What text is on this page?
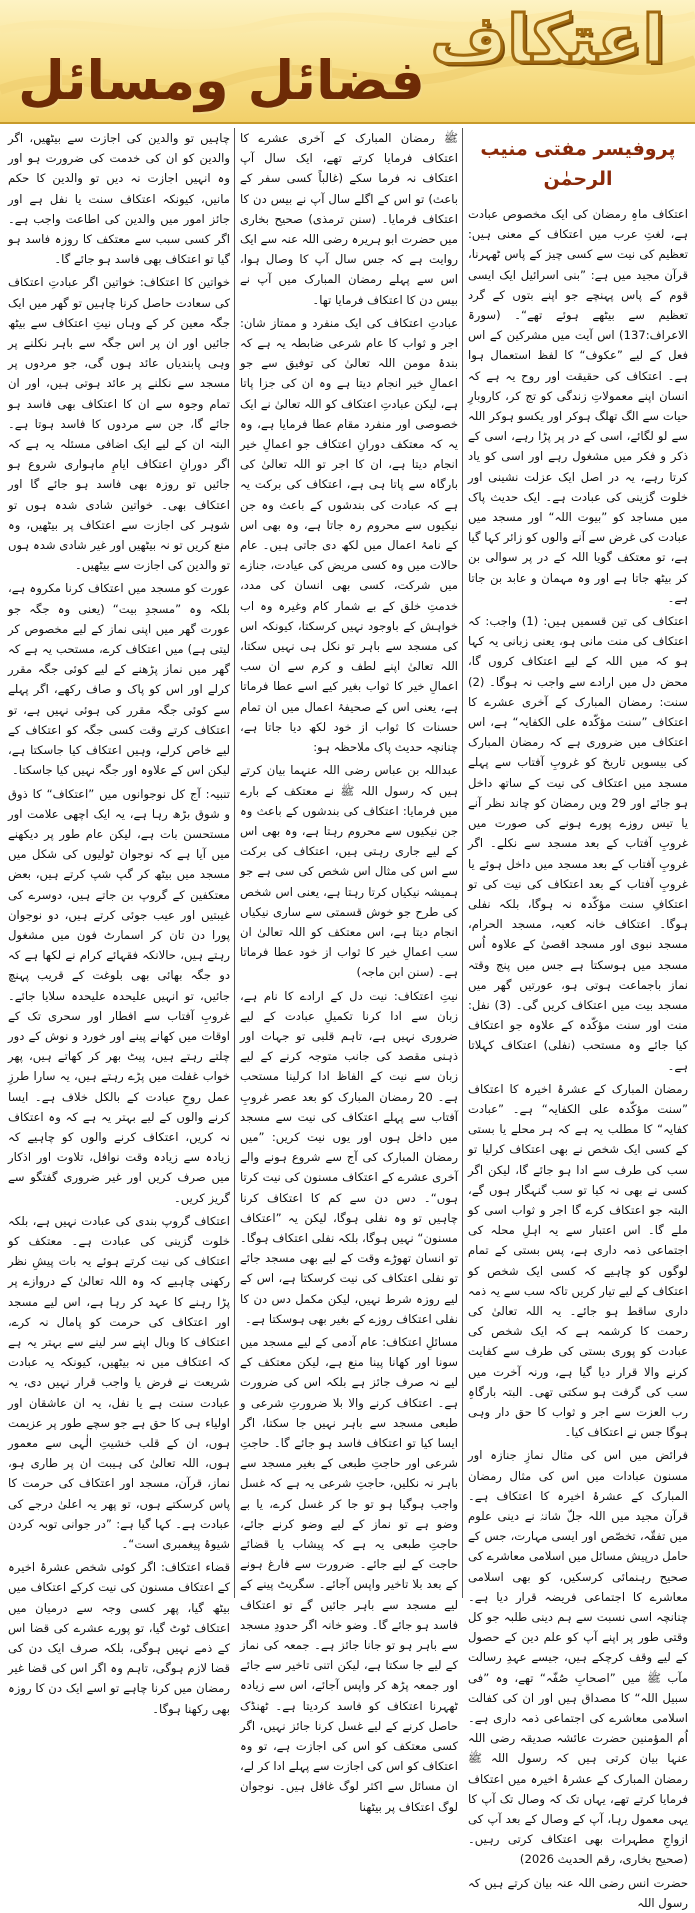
اعتکاف
فضائل ومسائل
پروفیسر مفتی منیب الرحمٰن

اعتکاف ماہِ رمضان کی ایک مخصوص عبادت ہے، لغتِ عرب میں اعتکاف کے معنی ہیں: تعظیم کی نیت سے کسی چیز کے پاس ٹھہرنا، قرآن مجید میں ہے: ”بنی اسرائیل ایک ایسی قوم کے پاس پہنچے جو اپنے بتوں کے گرد تعظیم سے بیٹھے ہوئے تھے“۔ (سورۃ الاعراف:137) اس آیت میں مشرکین کے اس فعل کے لیے ”عکوف“ کا لفظ استعمال ہوا ہے۔ اعتکاف کی حقیقت اور روح یہ ہے کہ انسان اپنے معمولاتِ زندگی کو تج کر، کاروبارِ حیات سے الگ تھلگ ہوکر اور یکسو ہوکر اللہ سے لو لگائے، اسی کے در پر پڑا رہے، اسی کے ذکر و فکر میں مشغول رہے اور اسی کو یاد کرتا رہے، یہ در اصل ایک عزلت نشینی اور خلوت گزینی کی عبادت ہے۔ ایک حدیث پاک میں مساجد کو ”بیوت اللہ“ اور مسجد میں عبادت کی غرض سے آنے والوں کو زائر کہا گیا ہے، تو معتکف گویا اللہ کے در پر سوالی بن کر بیٹھ جاتا ہے اور وہ مہمان و عابد بن جاتا ہے۔

اعتکاف کی تین قسمیں ہیں: (1) واجب: کہ اعتکاف کی منت مانی ہو، یعنی زبانی یہ کہا ہو کہ میں اللہ کے لیے اعتکاف کروں گا، محض دل میں ارادے سے واجب نہ ہوگا۔ (2) سنت: رمضان المبارک کے آخری عشرے کا اعتکاف ”سنت مؤکّدہ علی الکفایہ“ ہے، اس اعتکاف میں ضروری ہے کہ رمضان المبارک کی بیسویں تاریخ کو غروبِ آفتاب سے پہلے مسجد میں اعتکاف کی نیت کے ساتھ داخل ہو جائے اور 29 ویں رمضان کو چاند نظر آنے یا تیس روزے پورے ہونے کی صورت میں غروبِ آفتاب کے بعد مسجد سے نکلے۔ اگر غروبِ آفتاب کے بعد مسجد میں داخل ہوئے یا غروبِ آفتاب کے بعد اعتکاف کی نیت کی تو اعتکافِ سنت مؤکّدہ نہ ہوگا، بلکہ نفلی ہوگا۔ اعتکاف خانہ کعبہ، مسجد الحرام، مسجد نبوی اور مسجد اقصیٰ کے علاوہ اُس مسجد میں ہوسکتا ہے جس میں پنج وقتہ نماز باجماعت ہوتی ہو، عورتیں گھر میں مسجد بیت میں اعتکاف کریں گی۔ (3) نفل: منت اور سنت مؤکّدہ کے علاوہ جو اعتکاف کیا جائے وہ مستحب (نفلی) اعتکاف کہلاتا ہے۔

رمضان المبارک کے عشرۂ اخیرہ کا اعتکاف ”سنت مؤکّدہ علی الکفایہ“ ہے۔ ”عبادت کفایہ“ کا مطلب یہ ہے کہ ہر محلے یا بستی کے کسی ایک شخص نے بھی اعتکاف کرلیا تو سب کی طرف سے ادا ہو جائے گا، لیکن اگر کسی نے بھی نہ کیا تو سب گنہگار ہوں گے، البتہ جو اعتکاف کرے گا اجر و ثواب اسی کو ملے گا۔ اس اعتبار سے یہ اہلِ محلہ کی اجتماعی ذمہ داری ہے، پس بستی کے تمام لوگوں کو چاہیے کہ کسی ایک شخص کو اعتکاف کے لیے تیار کریں تاکہ سب سے یہ ذمہ داری ساقط ہو جائے۔ یہ اللہ تعالیٰ کی رحمت کا کرشمہ ہے کہ ایک شخص کی عبادت کو پوری بستی کی طرف سے کفایت کرنے والا قرار دیا گیا ہے، ورنہ آخرت میں سب کی گرفت ہو سکتی تھی۔ البتہ بارگاہِ رب العزت سے اجر و ثواب کا حق دار وہی ہوگا جس نے اعتکاف کیا۔

فرائض میں اس کی مثال نمازِ جنازہ اور مسنون عبادات میں اس کی مثال رمضان المبارک کے عشرۂ اخیرہ کا اعتکاف ہے۔ قرآن مجید میں اللہ جلّ شانہٗ نے دینی علوم میں تفقّہ، تخصّص اور ایسی مہارت، جس کے حامل درپیش مسائل میں اسلامی معاشرے کی صحیح رہنمائی کرسکیں، کو بھی اسلامی معاشرے کا اجتماعی فریضہ قرار دیا ہے۔ چنانچہ اسی نسبت سے ہم دینی طلبہ جو کل وقتی طور پر اپنے آپ کو علم دین کے حصول کے لیے وقف کرچکے ہیں، جیسے عہدِ رسالت مآب ﷺ میں ”اصحابِ صُفّہ“ تھے، وہ ”فی سبیل اللہ“ کا مصداق ہیں اور ان کی کفالت اسلامی معاشرے کی اجتماعی ذمہ داری ہے۔ اُم المؤمنین حضرت عائشہ صدیقہ رضی اللہ عنہا بیان کرتی ہیں کہ رسول اللہ ﷺ رمضان المبارک کے عشرۂ اخیرہ میں اعتکاف فرمایا کرتے تھے، یہاں تک کہ وصال تک آپ کا یہی معمول رہا، آپ کے وصال کے بعد آپ کی ازواجِ مطہرات بھی اعتکاف کرتی رہیں۔ (صحیح بخاری، رقم الحدیث 2026)

حضرت انس رضی اللہ عنہ بیان کرتے ہیں کہ رسول اللہ

ﷺ رمضان المبارک کے آخری عشرے کا اعتکاف فرمایا کرتے تھے، ایک سال آپ اعتکاف نہ فرما سکے (غالباً کسی سفر کے باعث) تو اس کے اگلے سال آپ نے بیس دن کا اعتکاف فرمایا۔ (سنن ترمذی) صحیح بخاری میں حضرت ابو ہریرہ رضی اللہ عنہ سے ایک روایت ہے کہ جس سال آپ کا وصال ہوا، اس سے پہلے رمضان المبارک میں آپ نے بیس دن کا اعتکاف فرمایا تھا۔

عبادتِ اعتکاف کی ایک منفرد و ممتاز شان: اجر و ثواب کا عام شرعی ضابطہ یہ ہے کہ بندۂ مومن اللہ تعالیٰ کی توفیق سے جو اعمالِ خیر انجام دیتا ہے وہ ان کی جزا پاتا ہے، لیکن عبادتِ اعتکاف کو اللہ تعالیٰ نے ایک خصوصی اور منفرد مقام عطا فرمایا ہے، وہ یہ کہ معتکف دورانِ اعتکاف جو اعمالِ خیر انجام دیتا ہے، ان کا اجر تو اللہ تعالیٰ کی بارگاہ سے پاتا ہی ہے، اعتکاف کی برکت یہ ہے کہ عبادت کی بندشوں کے باعث وہ جن نیکیوں سے محروم رہ جاتا ہے، وہ بھی اس کے نامۂ اعمال میں لکھ دی جاتی ہیں۔ عام حالات میں وہ کسی مریض کی عیادت، جنازے میں شرکت، کسی بھی انسان کی مدد، خدمتِ خلق کے بے شمار کام وغیرہ وہ اب خواہش کے باوجود نہیں کرسکتا، کیونکہ اس کی مسجد سے باہر تو نکل ہی نہیں سکتا، اللہ تعالیٰ اپنے لطف و کرم سے ان سب اعمالِ خیر کا ثواب بغیر کیے اسے عطا فرماتا ہے، یعنی اس کے صحیفۂ اعمال میں ان تمام حسنات کا ثواب از خود لکھ دیا جاتا ہے، چنانچہ حدیث پاک ملاحظہ ہو:

عبداللہ بن عباس رضی اللہ عنہما بیان کرتے ہیں کہ رسول اللہ ﷺ نے معتکف کے بارے میں فرمایا: اعتکاف کی بندشوں کے باعث وہ جن نیکیوں سے محروم رہتا ہے، وہ بھی اس کے لیے جاری رہتی ہیں، اعتکاف کی برکت سے اس کی مثال اس شخص کی سی ہے جو ہمیشہ نیکیاں کرتا رہتا ہے، یعنی اس شخص کی طرح جو خوش قسمتی سے ساری نیکیاں انجام دیتا ہے، اس معتکف کو اللہ تعالیٰ ان سب اعمالِ خیر کا ثواب از خود عطا فرماتا ہے۔ (سنن ابن ماجہ)

نیتِ اعتکاف: نیت دل کے ارادے کا نام ہے، زبان سے ادا کرنا تکمیلِ عبادت کے لیے ضروری نہیں ہے، تاہم قلبی تو جہات اور ذہنی مقصد کی جانب متوجہ کرنے کے لیے زبان سے نیت کے الفاظ ادا کرلینا مستحب ہے۔ 20 رمضان المبارک کو بعد عصر غروبِ آفتاب سے پہلے اعتکاف کی نیت سے مسجد میں داخل ہوں اور یوں نیت کریں: ”میں رمضان المبارک کی آج سے شروع ہونے والے آخری عشرے کے اعتکاف مسنون کی نیت کرتا ہوں“۔ دس دن سے کم کا اعتکاف کرنا چاہیں تو وہ نفلی ہوگا، لیکن یہ ”اعتکاف مسنون“ نہیں ہوگا، بلکہ نفلی اعتکاف ہوگا۔ تو انسان تھوڑے وقت کے لیے بھی مسجد جائے تو نفلی اعتکاف کی نیت کرسکتا ہے، اس کے لیے روزہ شرط نہیں، لیکن مکمل دس دن کا نفلی اعتکاف روزے کے بغیر بھی ہوسکتا ہے۔

مسائلِ اعتکاف: عام آدمی کے لیے مسجد میں سونا اور کھانا پینا منع ہے، لیکن معتکف کے لیے نہ صرف جائز ہے بلکہ اس کی ضرورت ہے۔ اعتکاف کرنے والا بلا ضرورتِ شرعی و طبعی مسجد سے باہر نہیں جا سکتا، اگر ایسا کیا تو اعتکاف فاسد ہو جائے گا۔ حاجتِ شرعی اور حاجتِ طبعی کے بغیر مسجد سے باہر نہ نکلیں، حاجتِ شرعی یہ ہے کہ غسل واجب ہوگیا ہو تو جا کر غسل کرے، یا بے وضو ہے تو نماز کے لیے وضو کرنے جائے، حاجتِ طبعی یہ ہے کہ پیشاب یا قضائے حاجت کے لیے جائے۔ ضرورت سے فارغ ہونے کے بعد بلا تاخیر واپس آجائے۔ سگریٹ پینے کے لیے مسجد سے باہر جائیں گے تو اعتکاف فاسد ہو جائے گا۔ وضو خانہ اگر حدودِ مسجد سے باہر ہو تو جانا جائز ہے۔ جمعہ کی نماز کے لیے جا سکتا ہے، لیکن اتنی تاخیر سے جائے اور جمعہ پڑھ کر واپس آجائے، اس سے زیادہ ٹھہرنا اعتکاف کو فاسد کردیتا ہے۔ ٹھنڈک حاصل کرنے کے لیے غسل کرنا جائز نہیں، اگر کسی معتکف کو اس کی اجازت ہے، تو وہ اعتکاف کو اس کی اجازت سے پہلے ادا کر لے، ان مسائل سے اکثر لوگ غافل ہیں۔ نوجوان لوگ اعتکاف پر بیٹھنا

چاہیں تو والدین کی اجازت سے بیٹھیں، اگر والدین کو ان کی خدمت کی ضرورت ہو اور وہ انہیں اجازت نہ دیں تو والدین کا حکم مانیں، کیونکہ اعتکاف سنت یا نفل ہے اور جائز امور میں والدین کی اطاعت واجب ہے۔ اگر کسی سبب سے معتکف کا روزہ فاسد ہو گیا تو اعتکاف بھی فاسد ہو جائے گا۔

خواتین کا اعتکاف: خواتین اگر عبادتِ اعتکاف کی سعادت حاصل کرنا چاہیں تو گھر میں ایک جگہ معین کر کے وہاں نیتِ اعتکاف سے بیٹھ جائیں اور ان پر اس جگہ سے باہر نکلنے پر وہی پابندیاں عائد ہوں گی، جو مردوں پر مسجد سے نکلنے پر عائد ہوتی ہیں، اور ان تمام وجوہ سے ان کا اعتکاف بھی فاسد ہو جائے گا، جن سے مردوں کا فاسد ہوتا ہے۔ البتہ ان کے لیے ایک اضافی مسئلہ یہ ہے کہ اگر دورانِ اعتکاف ایامِ ماہواری شروع ہو جائیں تو روزہ بھی فاسد ہو جائے گا اور اعتکاف بھی۔ خواتین شادی شدہ ہوں تو شوہر کی اجازت سے اعتکاف پر بیٹھیں، وہ منع کریں تو نہ بیٹھیں اور غیر شادی شدہ ہوں تو والدین کی اجازت سے بیٹھیں۔

عورت کو مسجد میں اعتکاف کرنا مکروہ ہے، بلکہ وہ ”مسجدِ بیت“ (یعنی وہ جگہ جو عورت گھر میں اپنی نماز کے لیے مخصوص کر لیتی ہے) میں اعتکاف کرے، مستحب یہ ہے کہ گھر میں نماز پڑھنے کے لیے کوئی جگہ مقرر کرلے اور اس کو پاک و صاف رکھے، اگر پہلے سے کوئی جگہ مقرر کی ہوئی نہیں ہے، تو اعتکاف کرتے وقت کسی جگہ کو اعتکاف کے لیے خاص کرلے، وہیں اعتکاف کیا جاسکتا ہے، لیکن اس کے علاوہ اور جگہ نہیں کیا جاسکتا۔

تنبیہ: آج کل نوجوانوں میں ”اعتکاف“ کا ذوق و شوق بڑھ رہا ہے، یہ ایک اچھی علامت اور مستحسن بات ہے، لیکن عام طور پر دیکھنے میں آیا ہے کہ نوجوان ٹولیوں کی شکل میں مسجد میں بیٹھ کر گپ شپ کرتے ہیں، بعض معتکفین کے گروپ بن جاتے ہیں، دوسرے کی غیبتیں اور عیب جوئی کرتے ہیں، دو نوجوان پورا دن تان کر اسمارٹ فون میں مشغول رہتے ہیں، حالانکہ فقہائے کرام نے لکھا ہے کہ دو جگہ بھائی بھی بلوغت کے قریب پہنچ جائیں، تو انہیں علیحدہ علیحدہ سلایا جائے۔ غروبِ آفتاب سے افطار اور سحری تک کے اوقات میں کھانے پینے اور خورد و نوش کے دور چلتے رہتے ہیں، پیٹ بھر کر کھاتے ہیں، پھر خواب غفلت میں پڑے رہتے ہیں، یہ سارا طرزِ عمل روحِ عبادت کے بالکل خلاف ہے۔ ایسا کرنے والوں کے لیے بہتر یہ ہے کہ وہ اعتکاف نہ کریں، اعتکاف کرنے والوں کو چاہیے کہ زیادہ سے زیادہ وقت نوافل، تلاوت اور اذکار میں صرف کریں اور غیر ضروری گفتگو سے گریز کریں۔

اعتکاف گروپ بندی کی عبادت نہیں ہے، بلکہ خلوت گزینی کی عبادت ہے۔ معتکف کو اعتکاف کی نیت کرتے ہوئے یہ بات پیشِ نظر رکھنی چاہیے کہ وہ اللہ تعالیٰ کے دروازے پر پڑا رہنے کا عہد کر رہا ہے، اس لیے مسجد اور اعتکاف کی حرمت کو پامال نہ کرے، اعتکاف کا وبال اپنے سر لینے سے بہتر یہ ہے کہ اعتکاف میں نہ بیٹھیں، کیونکہ یہ عبادت شریعت نے فرض یا واجب قرار نہیں دی، یہ عبادت سنت ہے یا نفل، یہ ان عاشقان اور اولیاء ہی کا حق ہے جو سچے طور پر عزیمت ہوں، ان کے قلب خشیتِ الٰہی سے معمور ہوں، اللہ تعالیٰ کی ہیبت ان پر طاری ہو، نماز، قرآن، مسجد اور اعتکاف کی حرمت کا پاس کرسکتے ہوں، تو پھر یہ اعلیٰ درجے کی عبادت ہے۔ کہا گیا ہے: ”در جوانی توبہ کردن شیوۂ پیغمبری است“۔

قضاء اعتکاف: اگر کوئی شخص عشرۂ اخیرہ کے اعتکاف مسنون کی نیت کرکے اعتکاف میں بیٹھ گیا، پھر کسی وجہ سے درمیان میں اعتکاف ٹوٹ گیا، تو پورے عشرے کی قضا اس کے ذمے نہیں ہوگی، بلکہ صرف ایک دن کی قضا لازم ہوگی، تاہم وہ اگر اس کی قضا غیر رمضان میں کرنا چاہے تو اسے ایک دن کا روزہ بھی رکھنا ہوگا۔
